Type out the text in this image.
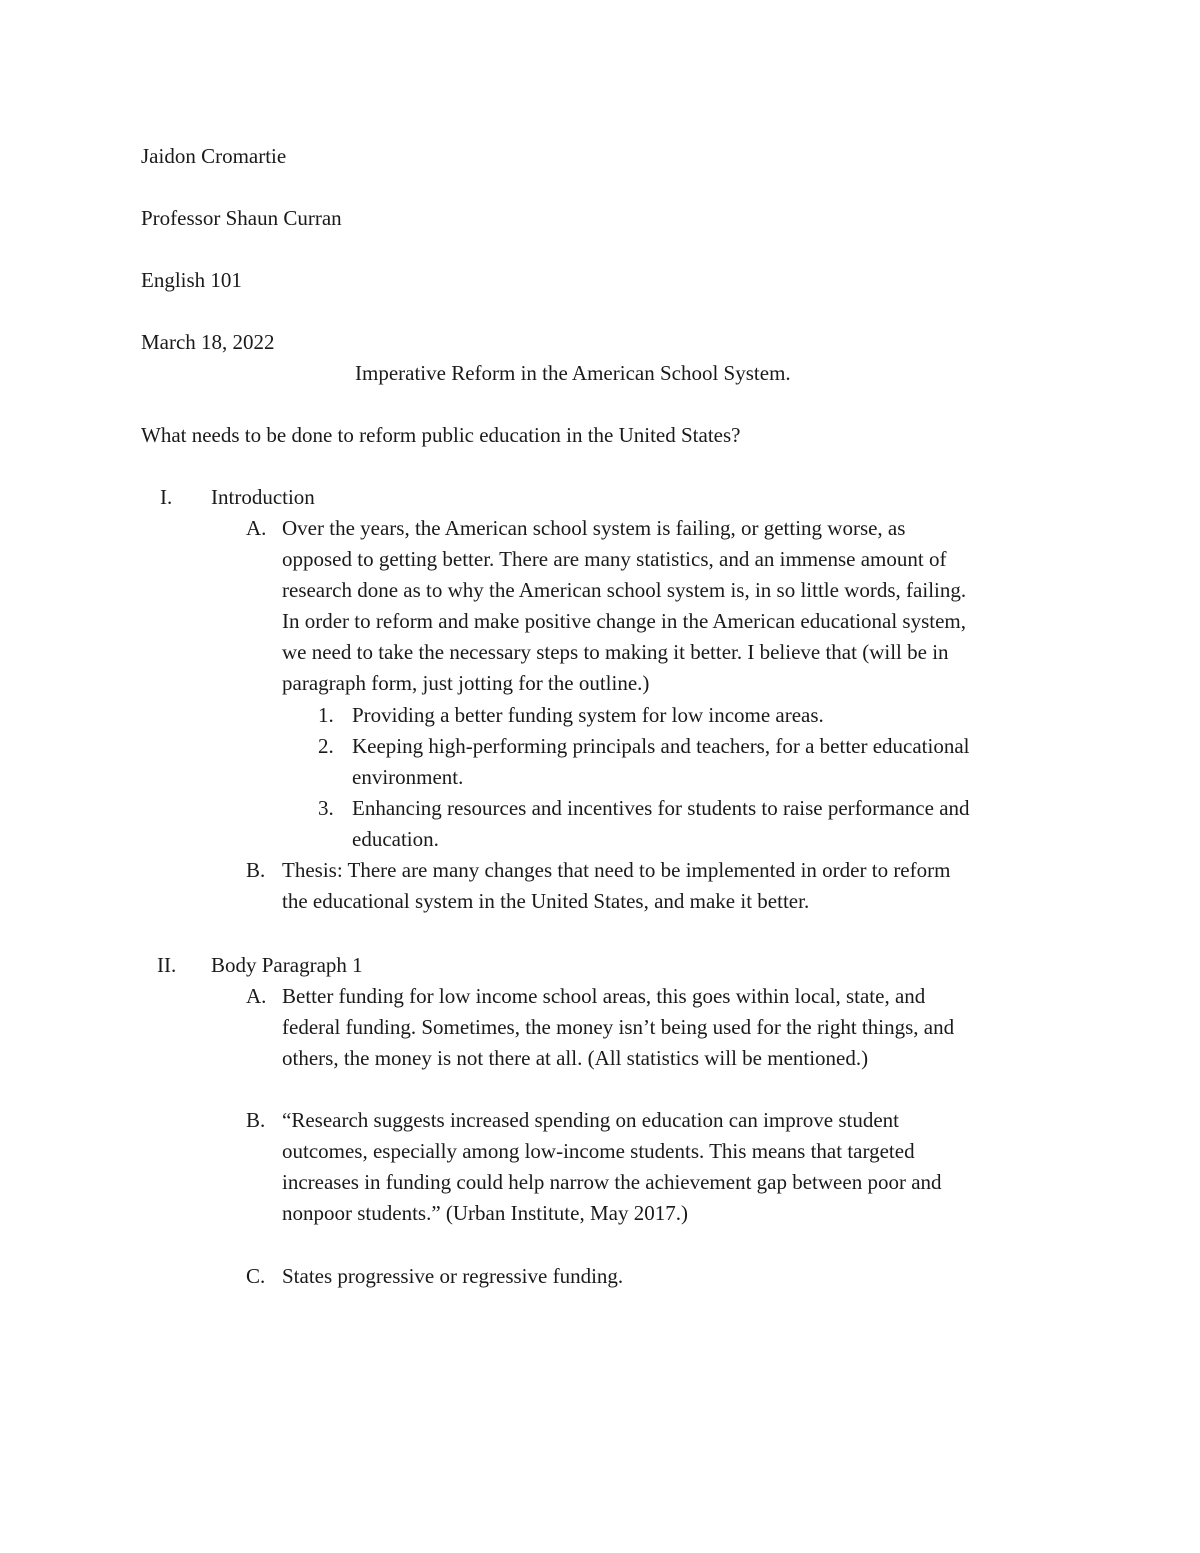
Jaidon Cromartie
Professor Shaun Curran
English 101
March 18, 2022
Imperative Reform in the American School System.
What needs to be done to reform public education in the United States?
I. Introduction
A. Over the years, the American school system is failing, or getting worse, as
opposed to getting better. There are many statistics, and an immense amount of
research done as to why the American school system is, in so little words, failing.
In order to reform and make positive change in the American educational system,
we need to take the necessary steps to making it better. I believe that (will be in
paragraph form, just jotting for the outline.)
1. Providing a better funding system for low income areas.
2. Keeping high-performing principals and teachers, for a better educational
environment.
3. Enhancing resources and incentives for students to raise performance and
education.
B. Thesis: There are many changes that need to be implemented in order to reform
the educational system in the United States, and make it better.
II. Body Paragraph 1
A. Better funding for low income school areas, this goes within local, state, and
federal funding. Sometimes, the money isn’t being used for the right things, and
others, the money is not there at all. (All statistics will be mentioned.)
B. “Research suggests increased spending on education can improve student
outcomes, especially among low-income students. This means that targeted
increases in funding could help narrow the achievement gap between poor and
nonpoor students.” (Urban Institute, May 2017.)
C. States progressive or regressive funding.
